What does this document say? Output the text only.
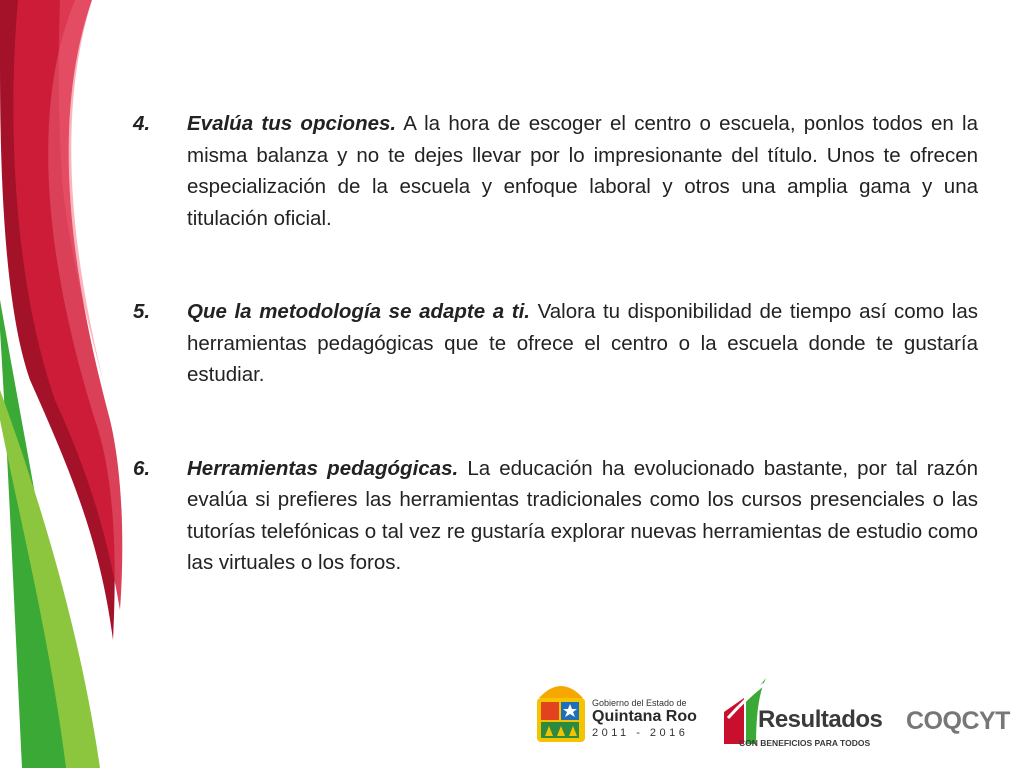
4.	Evalúa tus opciones. A la hora de escoger el centro o escuela, ponlos todos en la misma balanza y no te dejes llevar por lo impresionante del título. Unos te ofrecen especialización de la escuela y enfoque laboral y otros una amplia gama y una titulación oficial.
5.	Que la metodología se adapte a ti. Valora tu disponibilidad de tiempo así como las herramientas pedagógicas que te ofrece el centro o la escuela donde te gustaría estudiar.
6.	Herramientas pedagógicas. La educación ha evolucionado bastante, por tal razón evalúa si prefieres las herramientas tradicionales como los cursos presenciales o las tutorías telefónicas o tal vez re gustaría explorar nuevas herramientas de estudio como las virtuales o los foros.
Gobierno del Estado de
Quintana Roo
2011 - 2016	Resultados
CON BENEFICIOS PARA TODOS
COQCYT
